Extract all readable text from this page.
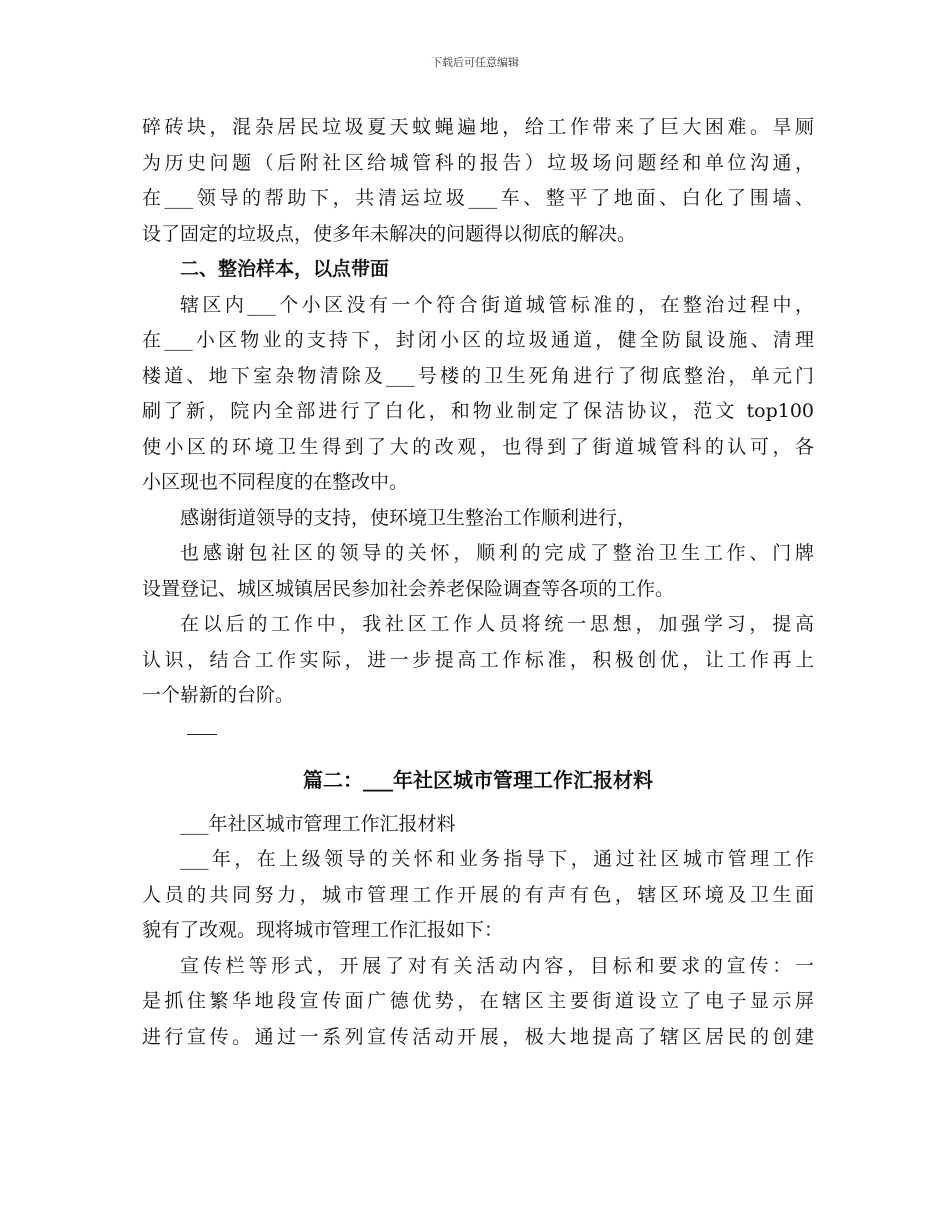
下载后可任意编辑

碎砖块，混杂居民垃圾夏天蚊蝇遍地，给工作带来了巨大困难。旱厕

为历史问题（后附社区给城管科的报告）垃圾场问题经和单位沟通，

在___领导的帮助下，共清运垃圾___车、整平了地面、白化了围墙、

设了固定的垃圾点，使多年未解决的问题得以彻底的解决。

二、整治样本，以点带面

辖区内___个小区没有一个符合街道城管标准的，在整治过程中，

在___小区物业的支持下，封闭小区的垃圾通道，健全防鼠设施、清理

楼道、地下室杂物清除及___号楼的卫生死角进行了彻底整治，单元门

刷了新，院内全部进行了白化，和物业制定了保洁协议，范文 top100

使小区的环境卫生得到了大的改观，也得到了街道城管科的认可，各

小区现也不同程度的在整改中。

感谢街道领导的支持，使环境卫生整治工作顺利进行，

也感谢包社区的领导的关怀，顺利的完成了整治卫生工作、门牌

设置登记、城区城镇居民参加社会养老保险调查等各项的工作。

在以后的工作中，我社区工作人员将统一思想，加强学习，提高

认识，结合工作实际，进一步提高工作标准，积极创优，让工作再上

一个崭新的台阶。

篇二：___年社区城市管理工作汇报材料

___年社区城市管理工作汇报材料

___年，在上级领导的关怀和业务指导下，通过社区城市管理工作

人员的共同努力，城市管理工作开展的有声有色，辖区环境及卫生面

貌有了改观。现将城市管理工作汇报如下：

宣传栏等形式，开展了对有关活动内容，目标和要求的宣传：一

是抓住繁华地段宣传面广德优势，在辖区主要街道设立了电子显示屏

进行宣传。通过一系列宣传活动开展，极大地提高了辖区居民的创建
